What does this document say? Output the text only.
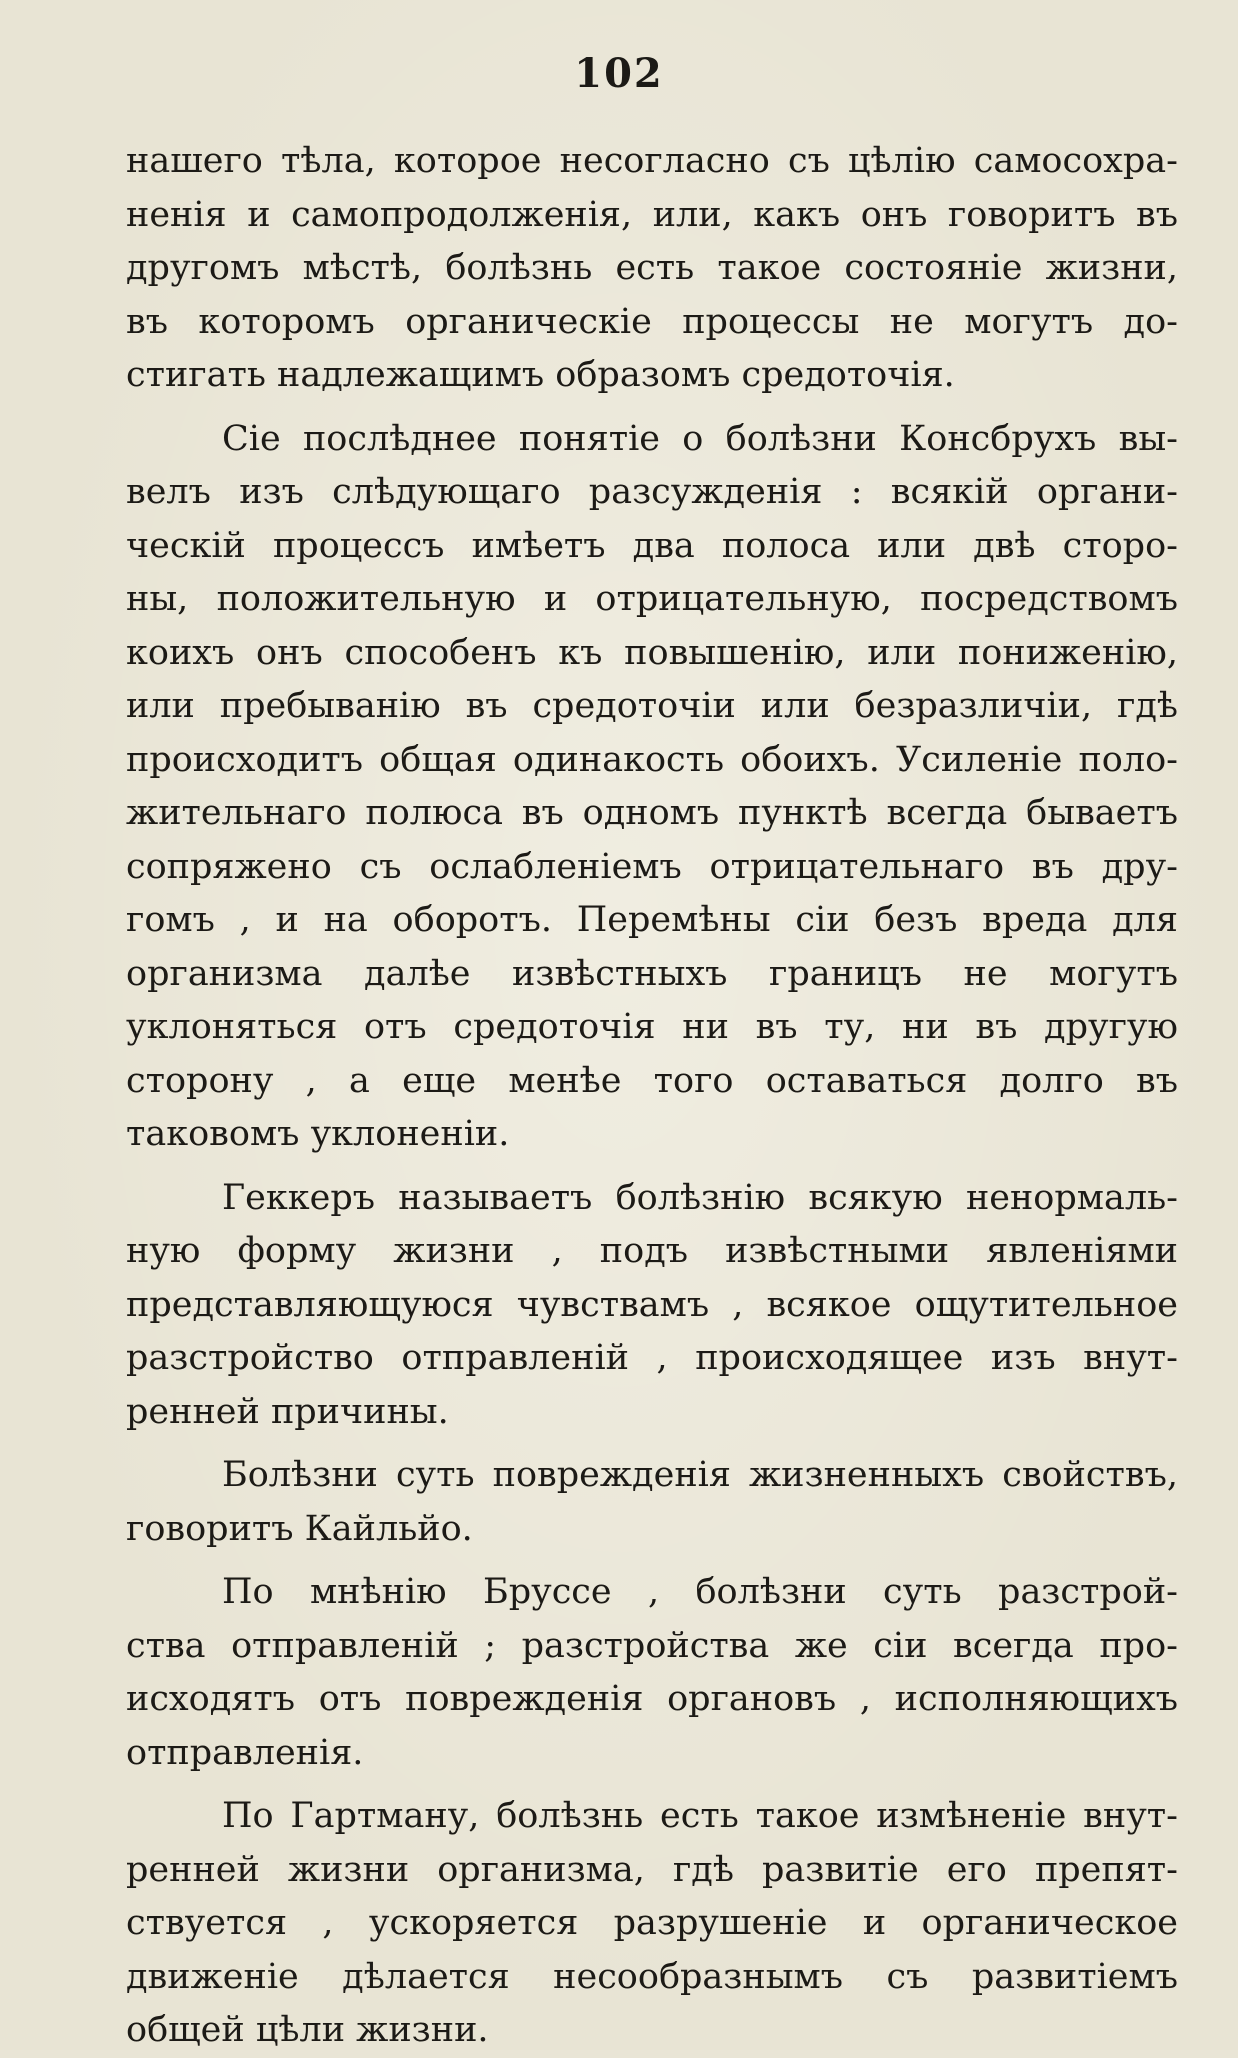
102
нашего тѣла, которое несогласно съ цѣлію самосохра-
ненія и самопродолженія, или, какъ онъ говоритъ въ
другомъ мѣстѣ, болѣзнь есть такое состояніе жизни,
въ которомъ органическіе процессы не могутъ до-
стигать надлежащимъ образомъ средоточія.
Сіе послѣднее понятіе о болѣзни Консбрухъ вы-
велъ изъ слѣдующаго разсужденія : всякій органи-
ческій процессъ имѣетъ два полоса или двѣ сторо-
ны, положительную и отрицательную, посредствомъ
коихъ онъ способенъ къ повышенію, или пониженію,
или пребыванію въ средоточіи или безразличіи, гдѣ
происходитъ общая одинакость обоихъ. Усиленіе поло-
жительнаго полюса въ одномъ пунктѣ всегда бываетъ
сопряжено съ ослабленіемъ отрицательнаго въ дру-
гомъ , и на оборотъ. Перемѣны сіи безъ вреда для
организма далѣе извѣстныхъ границъ не могутъ
уклоняться отъ средоточія ни въ ту, ни въ другую
сторону , а еще менѣе того оставаться долго въ
таковомъ уклоненіи.
Геккеръ называетъ болѣзнію всякую ненормаль-
ную форму жизни , подъ извѣстными явленіями
представляющуюся чувствамъ , всякое ощутительное
разстройство отправленій , происходящее изъ внут-
ренней причины.
Болѣзни суть поврежденія жизненныхъ свойствъ,
говоритъ Кайльйо.
По мнѣнію Бруссе , болѣзни суть разстрой-
ства отправленій ; разстройства же сіи всегда про-
исходятъ отъ поврежденія органовъ , исполняющихъ
отправленія.
По Гартману, болѣзнь есть такое измѣненіе внут-
ренней жизни организма, гдѣ развитіе его препят-
ствуется , ускоряется разрушеніе и органическое
движеніе дѣлается несообразнымъ съ развитіемъ
общей цѣли жизни.
